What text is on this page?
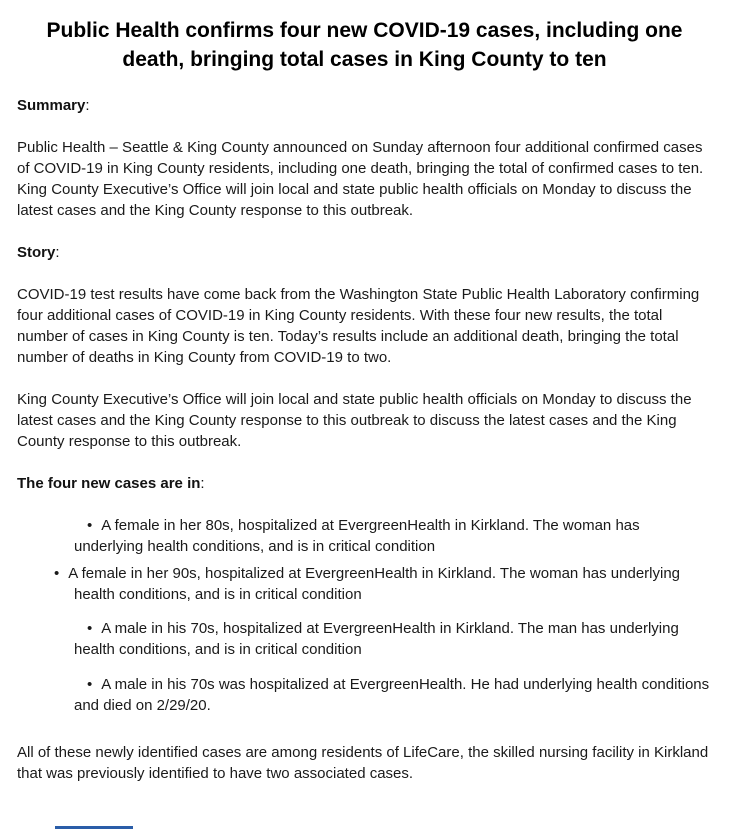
Public Health confirms four new COVID-19 cases, including one death, bringing total cases in King County to ten
Summary:

Public Health – Seattle & King County announced on Sunday afternoon four additional confirmed cases of COVID-19 in King County residents, including one death, bringing the total of confirmed cases to ten. King County Executive’s Office will join local and state public health officials on Monday to discuss the latest cases and the King County response to this outbreak.

Story:

COVID-19 test results have come back from the Washington State Public Health Laboratory confirming four additional cases of COVID-19 in King County residents. With these four new results, the total number of cases in King County is ten. Today’s results include an additional death, bringing the total number of deaths in King County from COVID-19 to two.

King County Executive’s Office will join local and state public health officials on Monday to discuss the latest cases and the King County response to this outbreak to discuss the latest cases and the King County response to this outbreak.

The four new cases are in:
• A female in her 80s, hospitalized at EvergreenHealth in Kirkland. The woman has underlying health conditions, and is in critical condition
• A female in her 90s, hospitalized at EvergreenHealth in Kirkland. The woman has underlying health conditions, and is in critical condition
• A male in his 70s, hospitalized at EvergreenHealth in Kirkland. The man has underlying health conditions, and is in critical condition
• A male in his 70s was hospitalized at EvergreenHealth. He had underlying health conditions and died on 2/29/20.

All of these newly identified cases are among residents of LifeCare, the skilled nursing facility in Kirkland that was previously identified to have two associated cases.
